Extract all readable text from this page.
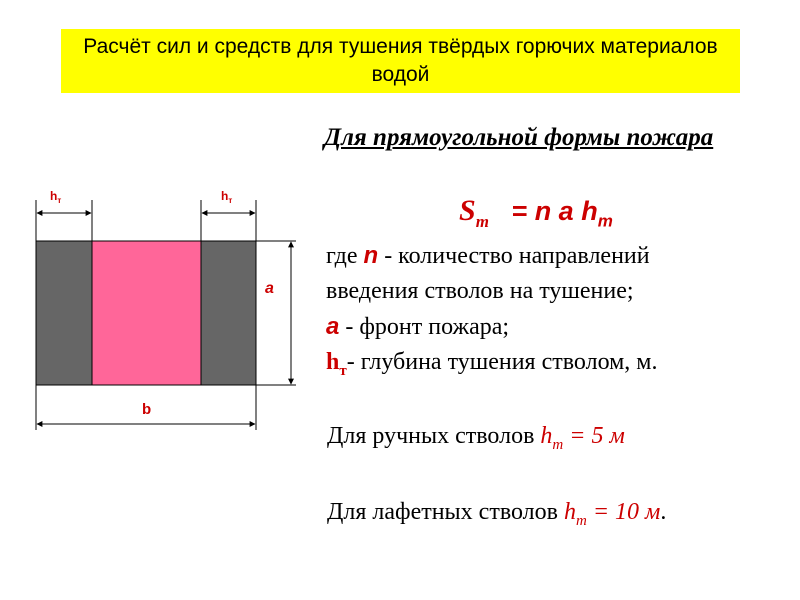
Расчёт сил и средств для тушения твёрдых горючих материалов водой
$h_т$	$h_т$
a
b
Для прямоугольной формы пожара
$S_т = n$ a $h_т$

где n - количество направлений

введения стволов на тушение;

a - фронт пожара;

$h_т-$ глубина тушения стволом, м.

Для ручных стволов $h_т = 5$ м
Для лафетных стволов $h_т = 10$ м.
